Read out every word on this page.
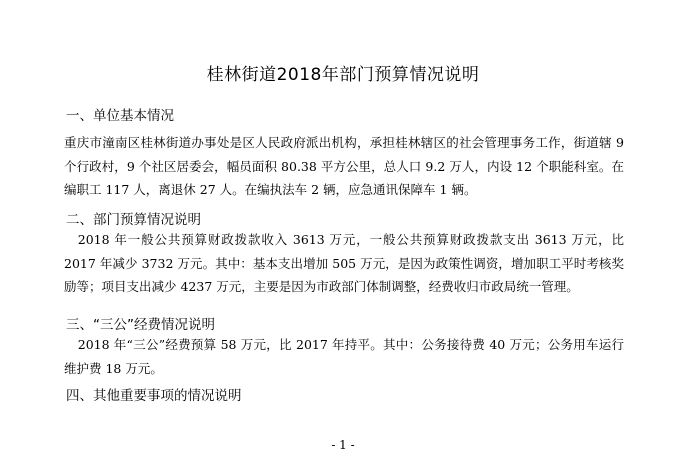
桂林街道2018年部门预算情况说明
一、单位基本情况
重庆市潼南区桂林街道办事处是区人民政府派出机构，承担桂林辖区的社会管理事务工作，街道辖 9 个行政村，9 个社区居委会，幅员面积 80.38 平方公里，总人口 9.2 万人，内设 12 个职能科室。在编职工 117 人，离退休 27 人。在编执法车 2 辆，应急通讯保障车 1 辆。
二、部门预算情况说明
2018 年一般公共预算财政拨款收入 3613 万元，一般公共预算财政拨款支出 3613 万元，比 2017 年减少 3732 万元。其中：基本支出增加 505 万元，是因为政策性调资，增加职工平时考核奖励等；项目支出减少 4237 万元，主要是因为市政部门体制调整，经费收归市政局统一管理。
三、“三公”经费情况说明
2018 年“三公”经费预算 58 万元，比 2017 年持平。其中：公务接待费 40 万元；公务用车运行维护费 18 万元。
四、其他重要事项的情况说明
- 1 -
